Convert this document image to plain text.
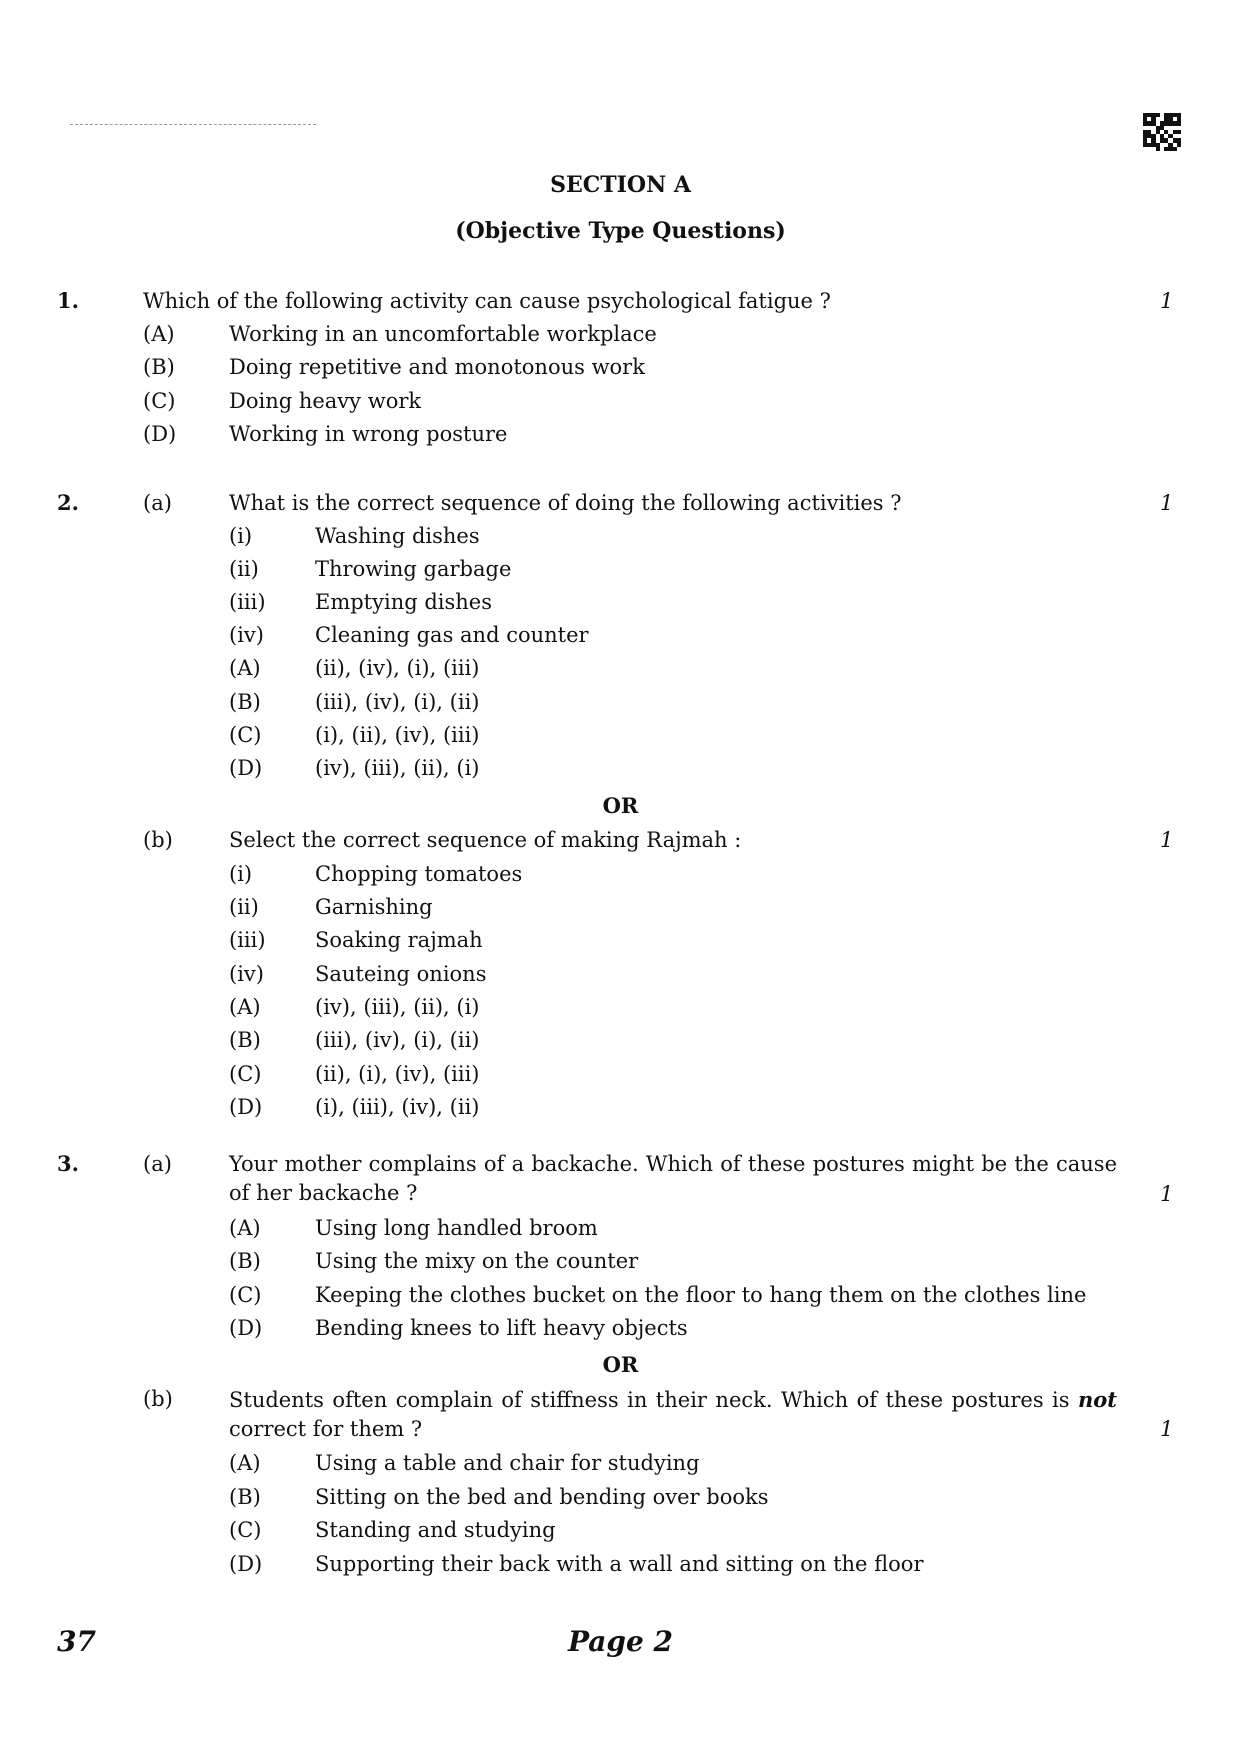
SECTION A
(Objective Type Questions)
1.	Which of the following activity can cause psychological fatigue ?	1
(A)	Working in an uncomfortable workplace
(B)	Doing repetitive and monotonous work
(C)	Doing heavy work
(D)	Working in wrong posture
2.	(a)	What is the correct sequence of doing the following activities ?	1
(i)	Washing dishes
(ii)	Throwing garbage
(iii) Emptying dishes
(iv) Cleaning gas and counter
(A)	(ii), (iv), (i), (iii)
(B)	(iii), (iv), (i), (ii)
(C)	(i), (ii), (iv), (iii)
(D)	(iv), (iii), (ii), (i)
OR
(b)	Select the correct sequence of making Rajmah :	1
(i)	Chopping tomatoes
(ii)	Garnishing
(iii) Soaking rajmah
(iv) Sauteing onions
(A)	(iv), (iii), (ii), (i)
(B)	(iii), (iv), (i), (ii)
(C)	(ii), (i), (iv), (iii)
(D)	(i), (iii), (iv), (ii)
3.	(a)	Your mother complains of a backache. Which of these postures might be the cause of her backache ?	1
(A)	Using long handled broom
(B)	Using the mixy on the counter
(C)	Keeping the clothes bucket on the floor to hang them on the clothes line
(D)	Bending knees to lift heavy objects
OR
(b)	Students often complain of stiffness in their neck. Which of these postures is not correct for them ?	1
(A)	Using a table and chair for studying
(B)	Sitting on the bed and bending over books
(C)	Standing and studying
(D)	Supporting their back with a wall and sitting on the floor
37	Page 2
